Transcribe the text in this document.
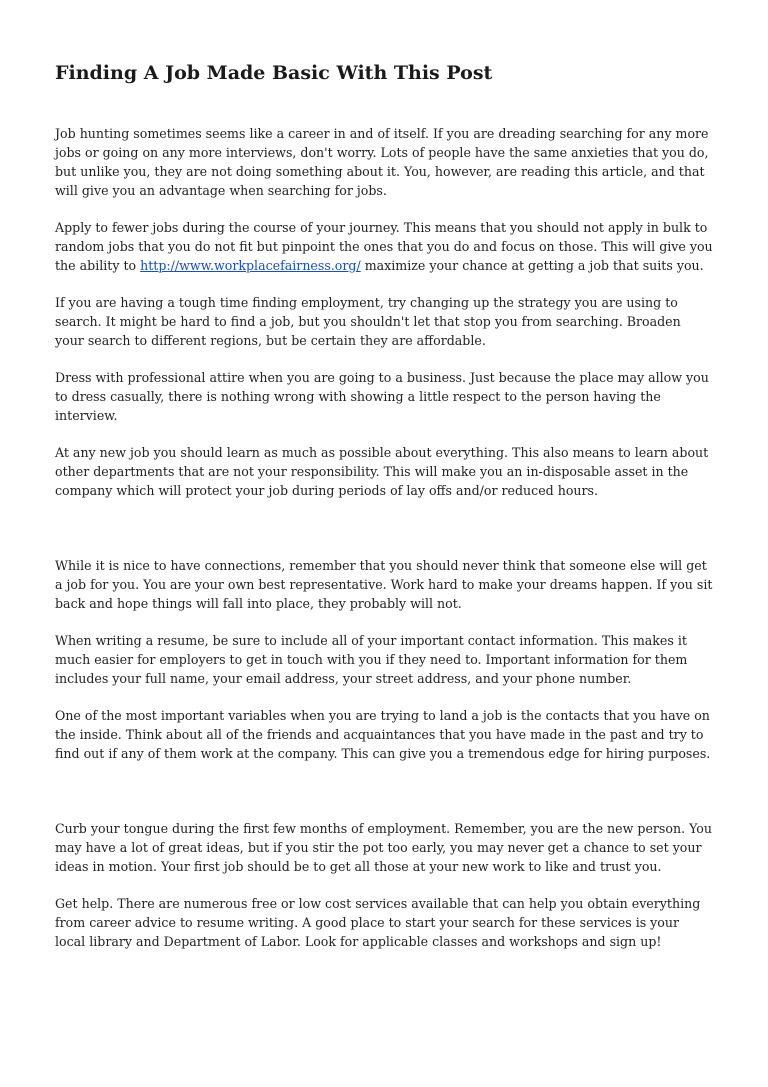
Finding A Job Made Basic With This Post

Job hunting sometimes seems like a career in and of itself. If you are dreading searching for any more jobs or going on any more interviews, don't worry. Lots of people have the same anxieties that you do, but unlike you, they are not doing something about it. You, however, are reading this article, and that will give you an advantage when searching for jobs.

Apply to fewer jobs during the course of your journey. This means that you should not apply in bulk to random jobs that you do not fit but pinpoint the ones that you do and focus on those. This will give you the ability to http://www.workplacefairness.org/ maximize your chance at getting a job that suits you.

If you are having a tough time finding employment, try changing up the strategy you are using to search. It might be hard to find a job, but you shouldn't let that stop you from searching. Broaden your search to different regions, but be certain they are affordable.

Dress with professional attire when you are going to a business. Just because the place may allow you to dress casually, there is nothing wrong with showing a little respect to the person having the interview.

At any new job you should learn as much as possible about everything. This also means to learn about other departments that are not your responsibility. This will make you an in-disposable asset in the company which will protect your job during periods of lay offs and/or reduced hours.

While it is nice to have connections, remember that you should never think that someone else will get a job for you. You are your own best representative. Work hard to make your dreams happen. If you sit back and hope things will fall into place, they probably will not.

When writing a resume, be sure to include all of your important contact information. This makes it much easier for employers to get in touch with you if they need to. Important information for them includes your full name, your email address, your street address, and your phone number.

One of the most important variables when you are trying to land a job is the contacts that you have on the inside. Think about all of the friends and acquaintances that you have made in the past and try to find out if any of them work at the company. This can give you a tremendous edge for hiring purposes.

Curb your tongue during the first few months of employment. Remember, you are the new person. You may have a lot of great ideas, but if you stir the pot too early, you may never get a chance to set your ideas in motion. Your first job should be to get all those at your new work to like and trust you.

Get help. There are numerous free or low cost services available that can help you obtain everything from career advice to resume writing. A good place to start your search for these services is your local library and Department of Labor. Look for applicable classes and workshops and sign up!
